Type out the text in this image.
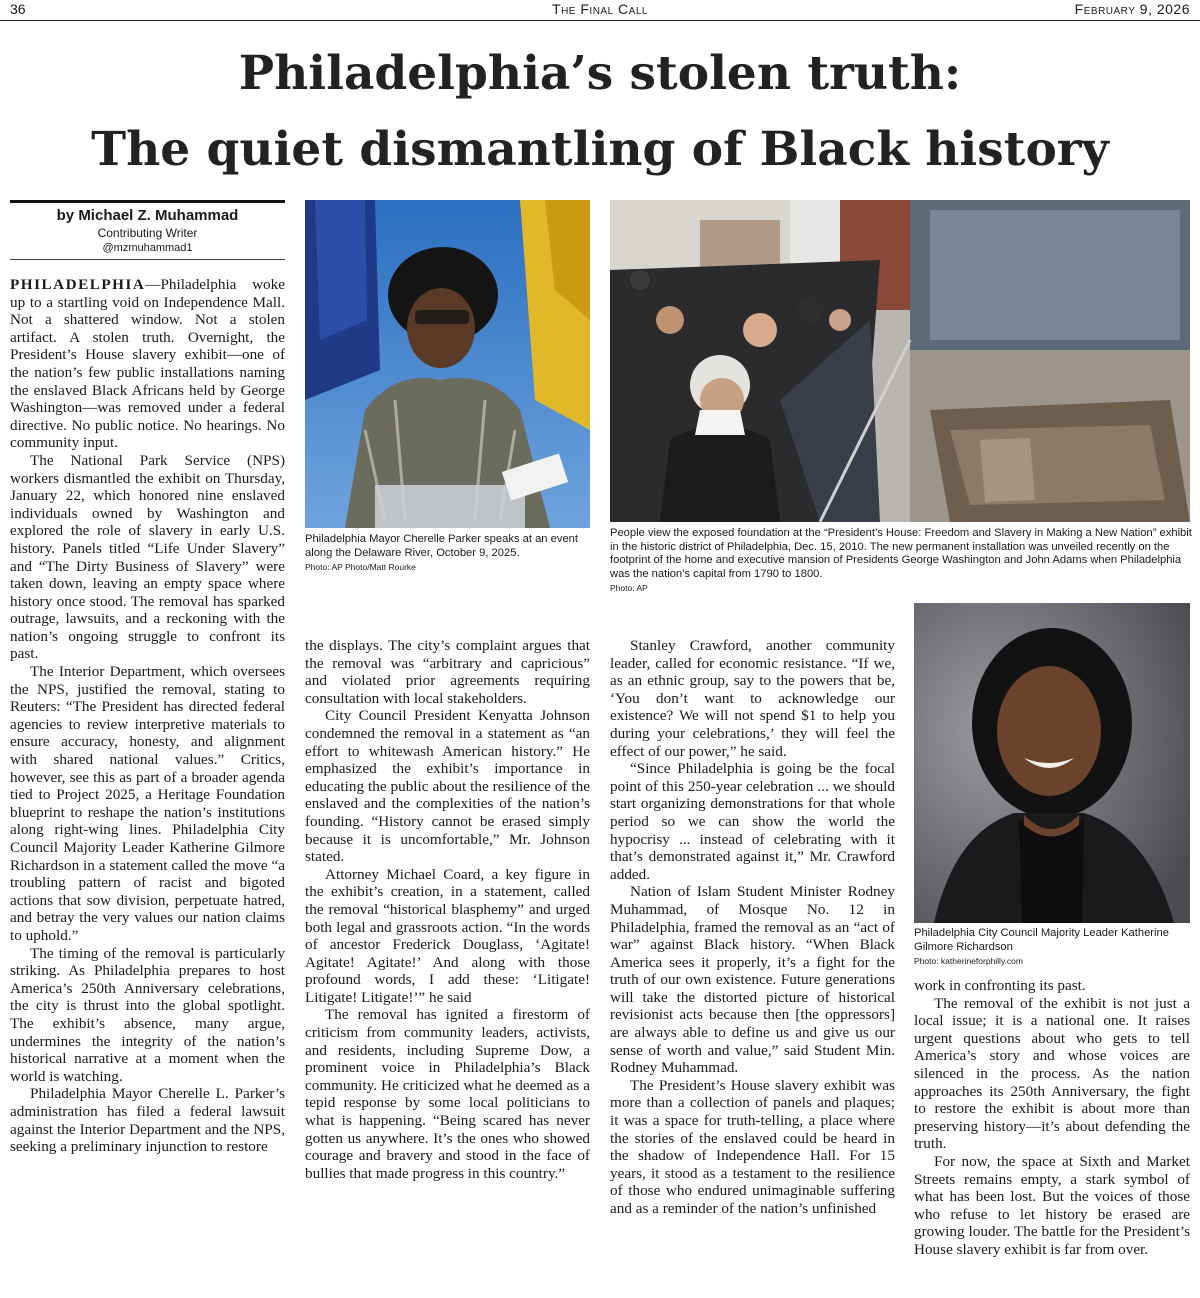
36	The Final Call	February 9, 2026
Philadelphia’s stolen truth:
The quiet dismantling of Black history
by Michael Z. Muhammad
Contributing Writer
@mzmuhammad1
Philadelphia Mayor Cherelle Parker speaks at an event along the Delaware River, October 9, 2025.
Photo: AP Photo/Matt Rourke
People view the exposed foundation at the “President’s House: Freedom and Slavery in Making a New Nation” exhibit in the historic district of Philadelphia, Dec. 15, 2010. The new permanent installation was unveiled recently on the footprint of the home and executive mansion of Presidents George Washington and John Adams when Philadelphia was the nation’s capital from 1790 to 1800.
Photo: AP
Philadelphia City Council Majority Leader Katherine Gilmore Richardson
Photo: katherineforphilly.com

PHILADELPHIA—Philadelphia woke up to a startling void on Independence Mall. Not a shattered window. Not a stolen artifact. A stolen truth. Overnight, the President’s House slavery exhibit—one of the nation’s few public installations naming the enslaved Black Africans held by George Washington—was removed under a federal directive. No public notice. No hearings. No community input.

The National Park Service (NPS) workers dismantled the exhibit on Thursday, January 22, which honored nine enslaved individuals owned by Washington and explored the role of slavery in early U.S. history. Panels titled “Life Under Slavery” and “The Dirty Business of Slavery” were taken down, leaving an empty space where history once stood. The removal has sparked outrage, lawsuits, and a reckoning with the nation’s ongoing struggle to confront its past.

The Interior Department, which oversees the NPS, justified the removal, stating to Reuters: “The President has directed federal agencies to review interpretive materials to ensure accuracy, honesty, and alignment with shared national values.” Critics, however, see this as part of a broader agenda tied to Project 2025, a Heritage Foundation blueprint to reshape the nation’s institutions along right-wing lines. Philadelphia City Council Majority Leader Katherine Gilmore Richardson in a statement called the move “a troubling pattern of racist and bigoted actions that sow division, perpetuate hatred, and betray the very values our nation claims to uphold.”

The timing of the removal is particularly striking. As Philadelphia prepares to host America’s 250th Anniversary celebrations, the city is thrust into the global spotlight. The exhibit’s absence, many argue, undermines the integrity of the nation’s historical narrative at a moment when the world is watching.

Philadelphia Mayor Cherelle L. Parker’s administration has filed a federal lawsuit against the Interior Department and the NPS, seeking a preliminary injunction to restore

the displays. The city’s complaint argues that the removal was “arbitrary and capricious” and violated prior agreements requiring consultation with local stakeholders.

City Council President Kenyatta Johnson condemned the removal in a statement as “an effort to whitewash American history.” He emphasized the exhibit’s importance in educating the public about the resilience of the enslaved and the complexities of the nation’s founding. “History cannot be erased simply because it is uncomfortable,” Mr. Johnson stated.

Attorney Michael Coard, a key figure in the exhibit’s creation, in a statement, called the removal “historical blasphemy” and urged both legal and grassroots action. “In the words of ancestor Frederick Douglass, ‘Agitate! Agitate! Agitate!’ And along with those profound words, I add these: ‘Litigate! Litigate! Litigate!’” he said

The removal has ignited a firestorm of criticism from community leaders, activists, and residents, including Supreme Dow, a prominent voice in Philadelphia’s Black community. He criticized what he deemed as a tepid response by some local politicians to what is happening. “Being scared has never gotten us anywhere. It’s the ones who showed courage and bravery and stood in the face of bullies that made progress in this country.”

Stanley Crawford, another community leader, called for economic resistance. “If we, as an ethnic group, say to the powers that be, ‘You don’t want to acknowledge our existence? We will not spend $1 to help you during your celebrations,’ they will feel the effect of our power,” he said.

“Since Philadelphia is going be the focal point of this 250-year celebration ... we should start organizing demonstrations for that whole period so we can show the world the hypocrisy ... instead of celebrating with it that’s demonstrated against it,” Mr. Crawford added.

Nation of Islam Student Minister Rodney Muhammad, of Mosque No. 12 in Philadelphia, framed the removal as an “act of war” against Black history. “When Black America sees it properly, it’s a fight for the truth of our own existence. Future generations will take the distorted picture of historical revisionist acts because then [the oppressors] are always able to define us and give us our sense of worth and value,” said Student Min. Rodney Muhammad.

The President’s House slavery exhibit was more than a collection of panels and plaques; it was a space for truth-telling, a place where the stories of the enslaved could be heard in the shadow of Independence Hall. For 15 years, it stood as a testament to the resilience of those who endured unimaginable suffering and as a reminder of the nation’s unfinished

work in confronting its past.

The removal of the exhibit is not just a local issue; it is a national one. It raises urgent questions about who gets to tell America’s story and whose voices are silenced in the process. As the nation approaches its 250th Anniversary, the fight to restore the exhibit is about more than preserving history—it’s about defending the truth.

For now, the space at Sixth and Market Streets remains empty, a stark symbol of what has been lost. But the voices of those who refuse to let history be erased are growing louder. The battle for the President’s House slavery exhibit is far from over.
